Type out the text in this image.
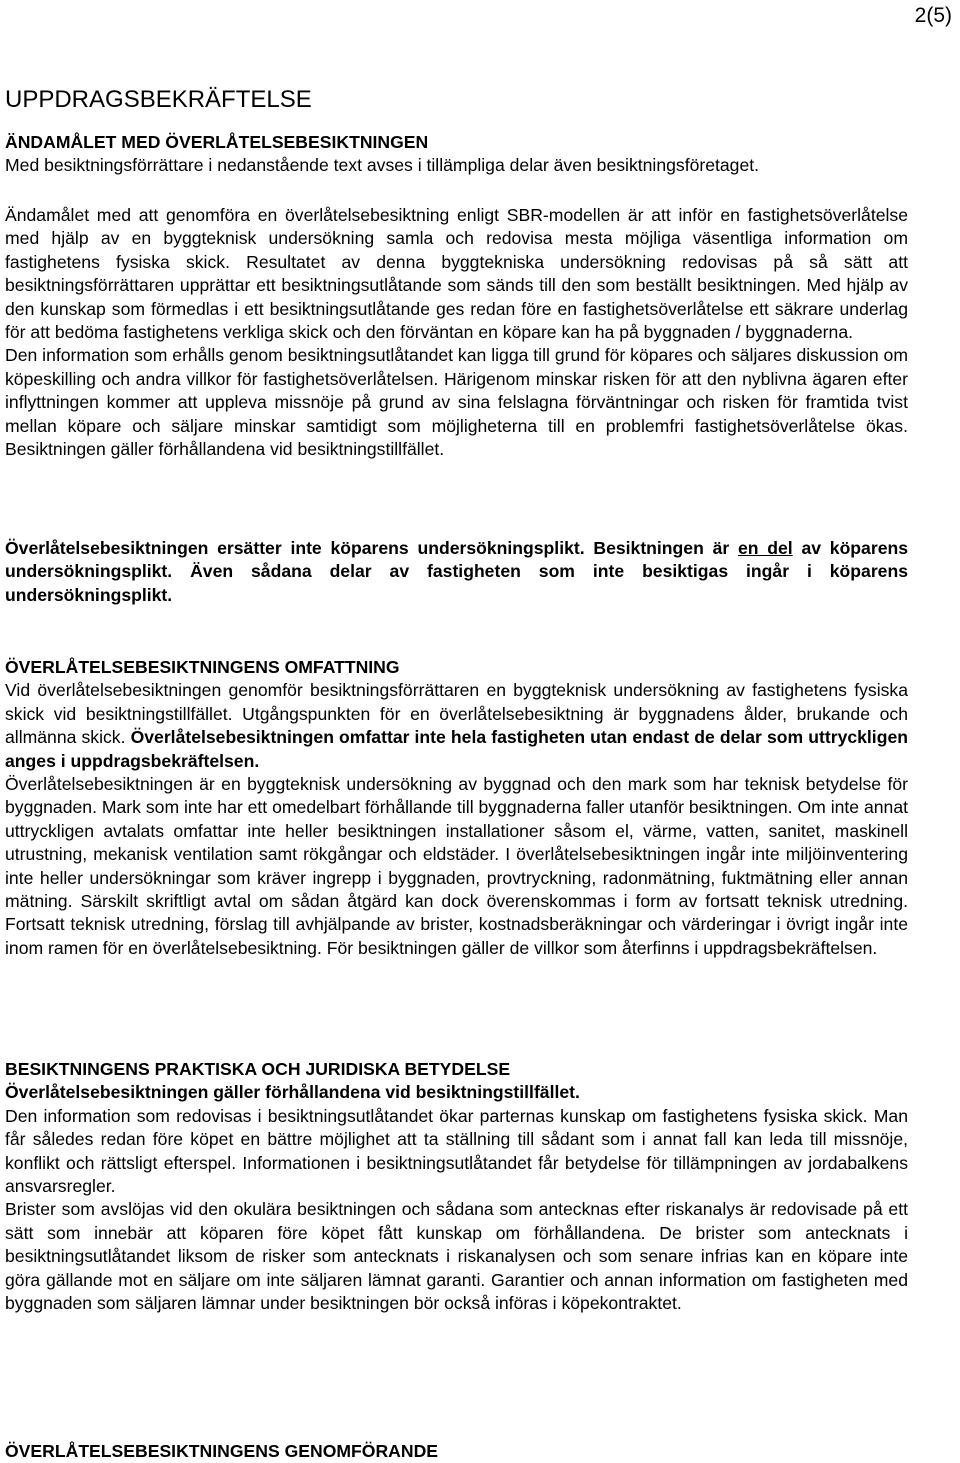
2(5)
UPPDRAGSBEKRÄFTELSE
ÄNDAMÅLET MED ÖVERLÅTELSEBESIKTNINGEN

Med besiktningsförrättare i nedanstående text avses i tillämpliga delar även besiktningsföretaget.

Ändamålet med att genomföra en överlåtelsebesiktning enligt SBR-modellen är att inför en fastighetsöverlåtelse med hjälp av en byggteknisk undersökning samla och redovisa mesta möjliga väsentliga information om fastighetens fysiska skick. Resultatet av denna byggtekniska undersökning redovisas på så sätt att besiktningsförrättaren upprättar ett besiktningsutlåtande som sänds till den som beställt besiktningen. Med hjälp av den kunskap som förmedlas i ett besiktningsutlåtande ges redan före en fastighetsöverlåtelse ett säkrare underlag för att bedöma fastighetens verkliga skick och den förväntan en köpare kan ha på byggnaden / byggnaderna.

Den information som erhålls genom besiktningsutlåtandet kan ligga till grund för köpares och säljares diskussion om köpeskilling och andra villkor för fastighetsöverlåtelsen. Härigenom minskar risken för att den nyblivna ägaren efter inflyttningen kommer att uppleva missnöje på grund av sina felslagna förväntningar och risken för framtida tvist mellan köpare och säljare minskar samtidigt som möjligheterna till en problemfri fastighetsöverlåtelse ökas. Besiktningen gäller förhållandena vid besiktningstillfället.

Överlåtelsebesiktningen ersätter inte köparens undersökningsplikt. Besiktningen är en del av köparens undersökningsplikt. Även sådana delar av fastigheten som inte besiktigas ingår i köparens undersökningsplikt.

ÖVERLÅTELSEBESIKTNINGENS OMFATTNING

Vid överlåtelsebesiktningen genomför besiktningsförrättaren en byggteknisk undersökning av fastighetens fysiska skick vid besiktningstillfället. Utgångspunkten för en överlåtelsebesiktning är byggnadens ålder, brukande och allmänna skick. Överlåtelsebesiktningen omfattar inte hela fastigheten utan endast de delar som uttryckligen anges i uppdragsbekräftelsen.

Överlåtelsebesiktningen är en byggteknisk undersökning av byggnad och den mark som har teknisk betydelse för byggnaden. Mark som inte har ett omedelbart förhållande till byggnaderna faller utanför besiktningen. Om inte annat uttryckligen avtalats omfattar inte heller besiktningen installationer såsom el, värme, vatten, sanitet, maskinell utrustning, mekanisk ventilation samt rökgångar och eldstäder. I överlåtelsebesiktningen ingår inte miljöinventering inte heller undersökningar som kräver ingrepp i byggnaden, provtryckning, radonmätning, fuktmätning eller annan mätning. Särskilt skriftligt avtal om sådan åtgärd kan dock överenskommas i form av fortsatt teknisk utredning. Fortsatt teknisk utredning, förslag till avhjälpande av brister, kostnadsberäkningar och värderingar i övrigt ingår inte inom ramen för en överlåtelsebesiktning. För besiktningen gäller de villkor som återfinns i uppdragsbekräftelsen.

BESIKTNINGENS PRAKTISKA OCH JURIDISKA BETYDELSE
Överlåtelsebesiktningen gäller förhållandena vid besiktningstillfället.

Den information som redovisas i besiktningsutlåtandet ökar parternas kunskap om fastighetens fysiska skick. Man får således redan före köpet en bättre möjlighet att ta ställning till sådant som i annat fall kan leda till missnöje, konflikt och rättsligt efterspel. Informationen i besiktningsutlåtandet får betydelse för tillämpningen av jordabalkens ansvarsregler.

Brister som avslöjas vid den okulära besiktningen och sådana som antecknas efter riskanalys är redovisade på ett sätt som innebär att köparen före köpet fått kunskap om förhållandena. De brister som antecknats i besiktningsutlåtandet liksom de risker som antecknats i riskanalysen och som senare infrias kan en köpare inte göra gällande mot en säljare om inte säljaren lämnat garanti. Garantier och annan information om fastigheten med byggnaden som säljaren lämnar under besiktningen bör också införas i köpekontraktet.

ÖVERLÅTELSEBESIKTNINGENS GENOMFÖRANDE
